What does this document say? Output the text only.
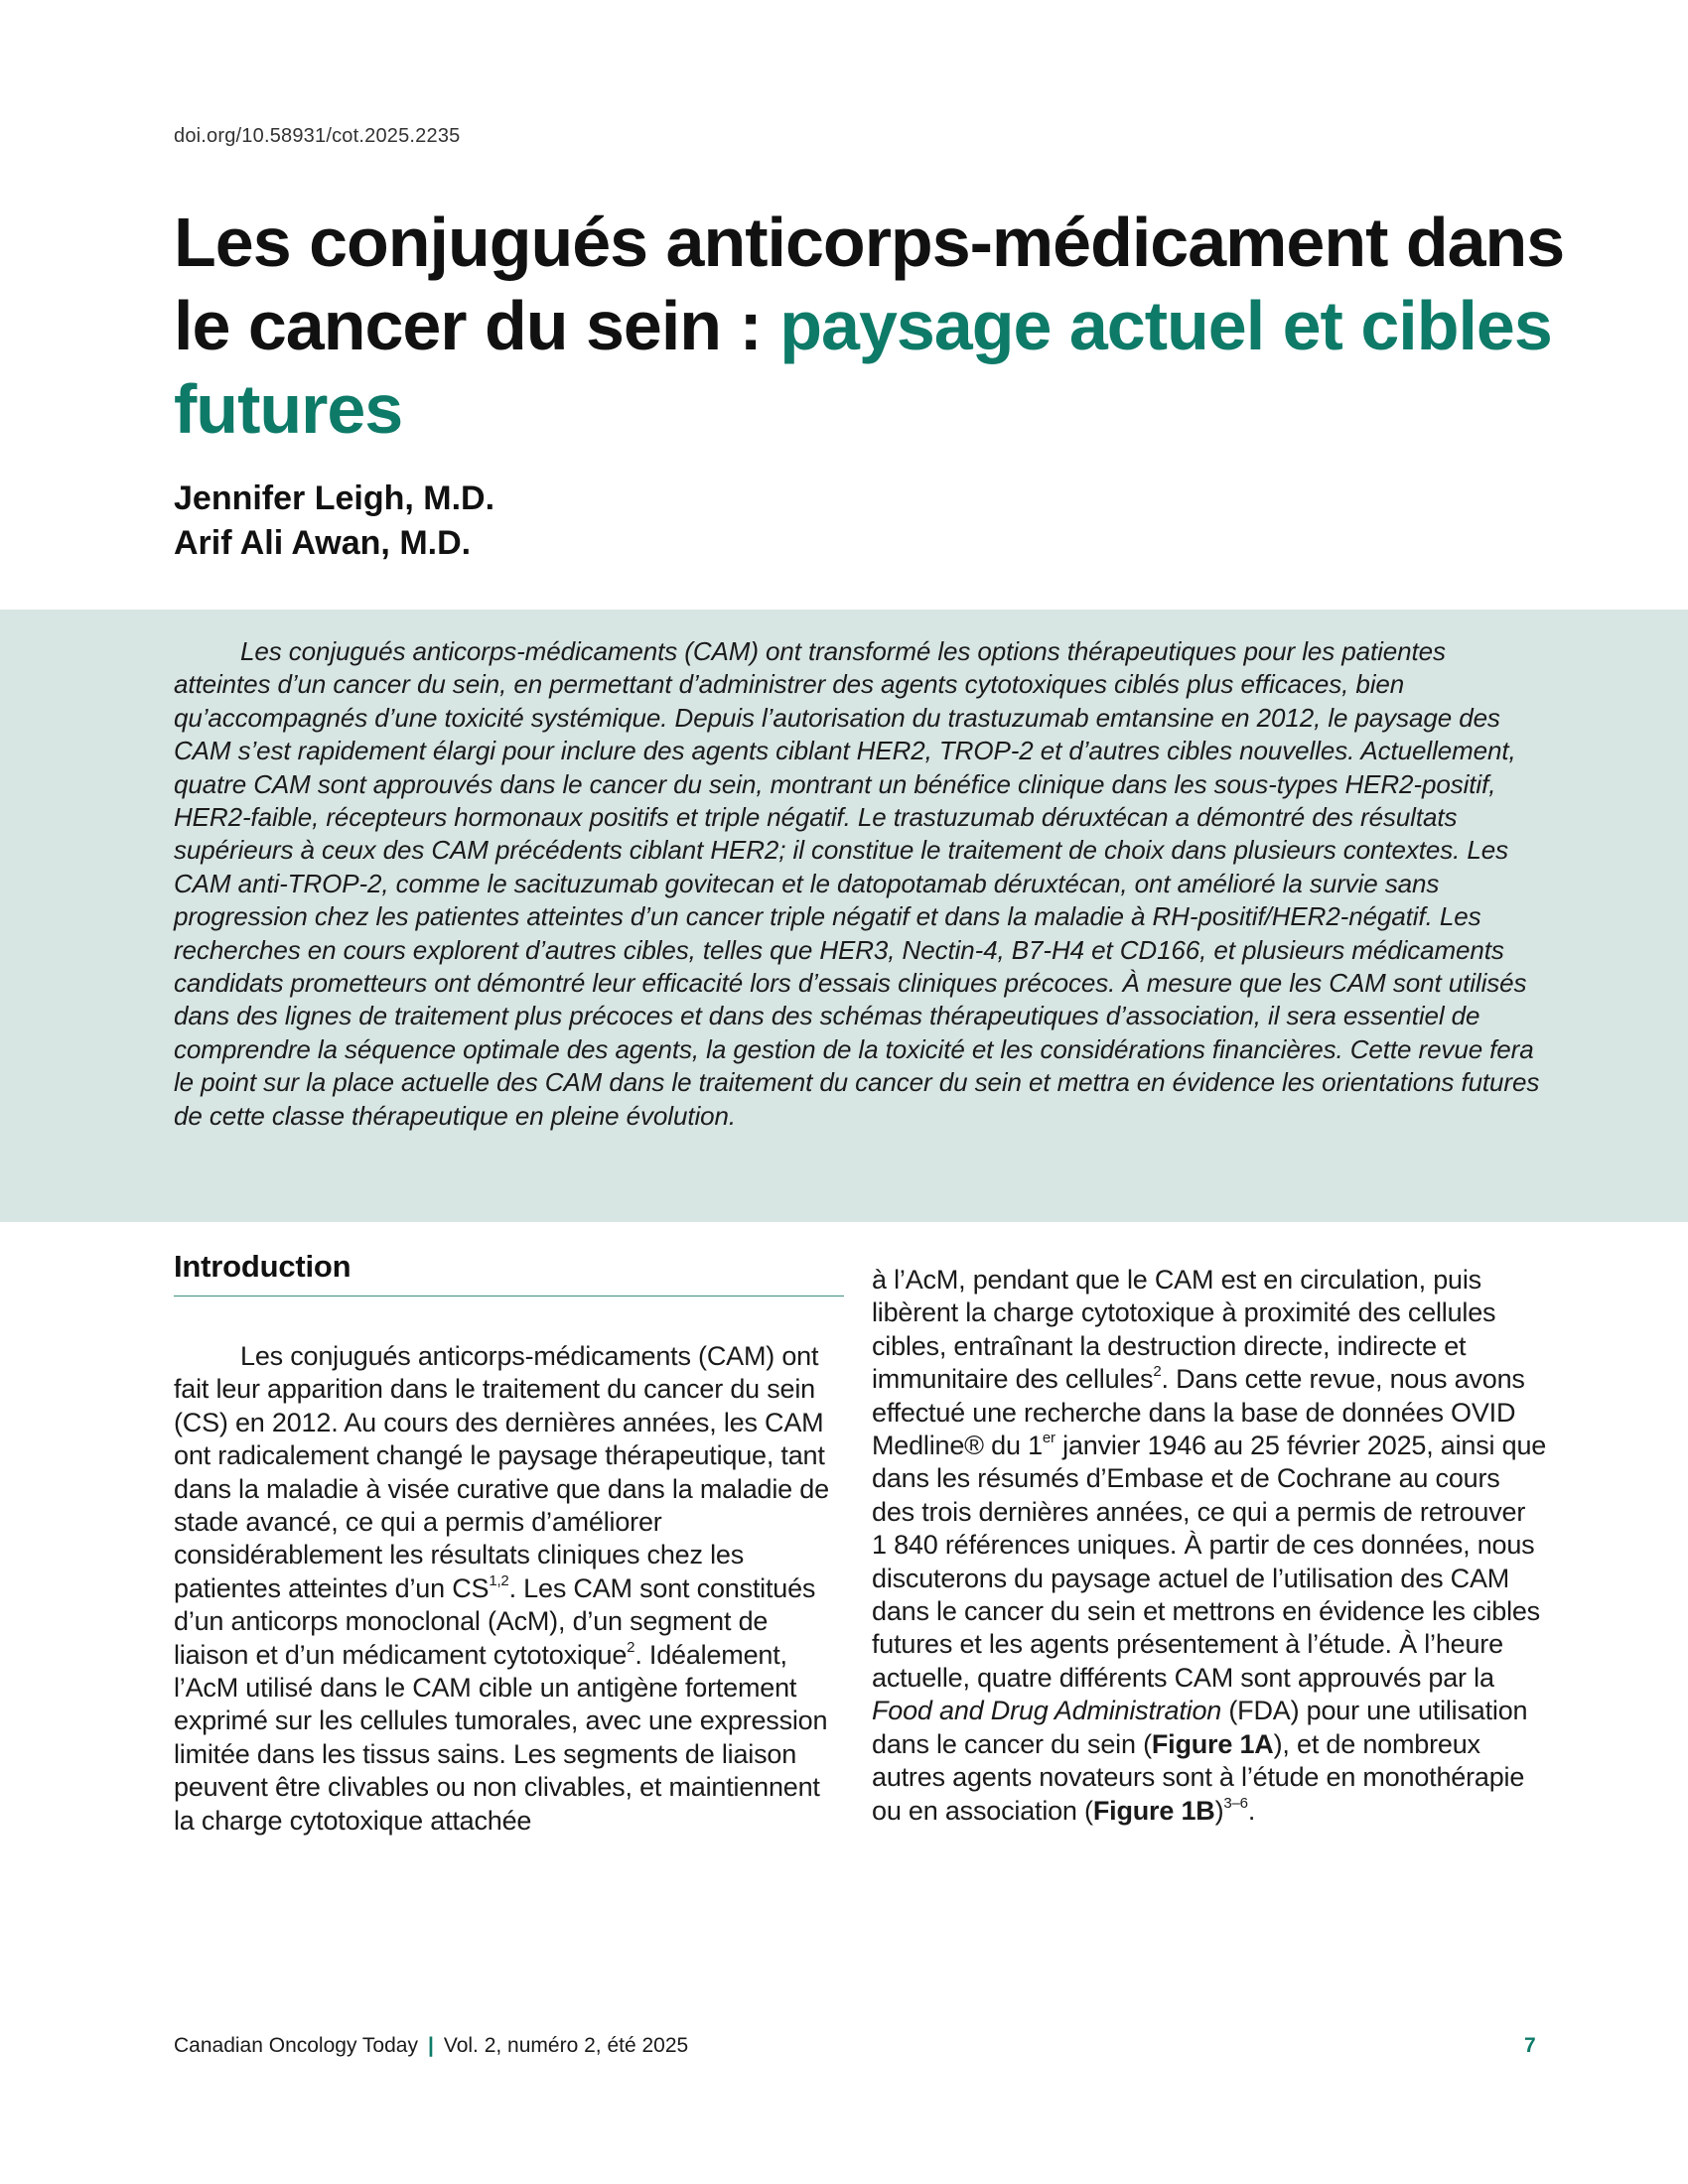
doi.org/10.58931/cot.2025.2235
Les conjugués anticorps-médicament dans le cancer du sein : paysage actuel et cibles futures
Jennifer Leigh, M.D.
Arif Ali Awan, M.D.

Les conjugués anticorps-médicaments (CAM) ont transformé les options thérapeutiques pour les patientes atteintes d’un cancer du sein, en permettant d’administrer des agents cytotoxiques ciblés plus efficaces, bien qu’accompagnés d’une toxicité systémique. Depuis l’autorisation du trastuzumab emtansine en 2012, le paysage des CAM s’est rapidement élargi pour inclure des agents ciblant HER2, TROP-2 et d’autres cibles nouvelles. Actuellement, quatre CAM sont approuvés dans le cancer du sein, montrant un bénéfice clinique dans les sous-types HER2-positif, HER2-faible, récepteurs hormonaux positifs et triple négatif. Le trastuzumab déruxtécan a démontré des résultats supérieurs à ceux des CAM précédents ciblant HER2; il constitue le traitement de choix dans plusieurs contextes. Les CAM anti-TROP-2, comme le sacituzumab govitecan et le datopotamab déruxtécan, ont amélioré la survie sans progression chez les patientes atteintes d’un cancer triple négatif et dans la maladie à RH-positif/HER2-négatif. Les recherches en cours explorent d’autres cibles, telles que HER3, Nectin-4, B7-H4 et CD166, et plusieurs médicaments candidats prometteurs ont démontré leur efficacité lors d’essais cliniques précoces. À mesure que les CAM sont utilisés dans des lignes de traitement plus précoces et dans des schémas thérapeutiques d’association, il sera essentiel de comprendre la séquence optimale des agents, la gestion de la toxicité et les considérations financières. Cette revue fera le point sur la place actuelle des CAM dans le traitement du cancer du sein et mettra en évidence les orientations futures de cette classe thérapeutique en pleine évolution.

Introduction

Les conjugués anticorps-médicaments (CAM) ont fait leur apparition dans le traitement du cancer du sein (CS) en 2012. Au cours des dernières années, les CAM ont radicalement changé le paysage thérapeutique, tant dans la maladie à visée curative que dans la maladie de stade avancé, ce qui a permis d’améliorer considérablement les résultats cliniques chez les patientes atteintes d’un CS$^{1,2}$. Les CAM sont constitués d’un anticorps monoclonal (AcM), d’un segment de liaison et d’un médicament cytotoxique$^2$. Idéalement, l’AcM utilisé dans le CAM cible un antigène fortement exprimé sur les cellules tumorales, avec une expression limitée dans les tissus sains. Les segments de liaison peuvent être clivables ou non clivables, et maintiennent la charge cytotoxique attachée

à l’AcM, pendant que le CAM est en circulation, puis libèrent la charge cytotoxique à proximité des cellules cibles, entraînant la destruction directe, indirecte et immunitaire des cellules$^2$. Dans cette revue, nous avons effectué une recherche dans la base de données OVID Medline® du 1er janvier 1946 au 25 février 2025, ainsi que dans les résumés d’Embase et de Cochrane au cours des trois dernières années, ce qui a permis de retrouver 1 840 références uniques. À partir de ces données, nous discuterons du paysage actuel de l’utilisation des CAM dans le cancer du sein et mettrons en évidence les cibles futures et les agents présentement à l’étude. À l’heure actuelle, quatre différents CAM sont approuvés par la Food and Drug Administration (FDA) pour une utilisation dans le cancer du sein (Figure 1A), et de nombreux autres agents novateurs sont à l’étude en monothérapie ou en association (Figure 1B)$^{3-6}$.

Canadian Oncology Today | Vol. 2, numéro 2, été 2025	7
